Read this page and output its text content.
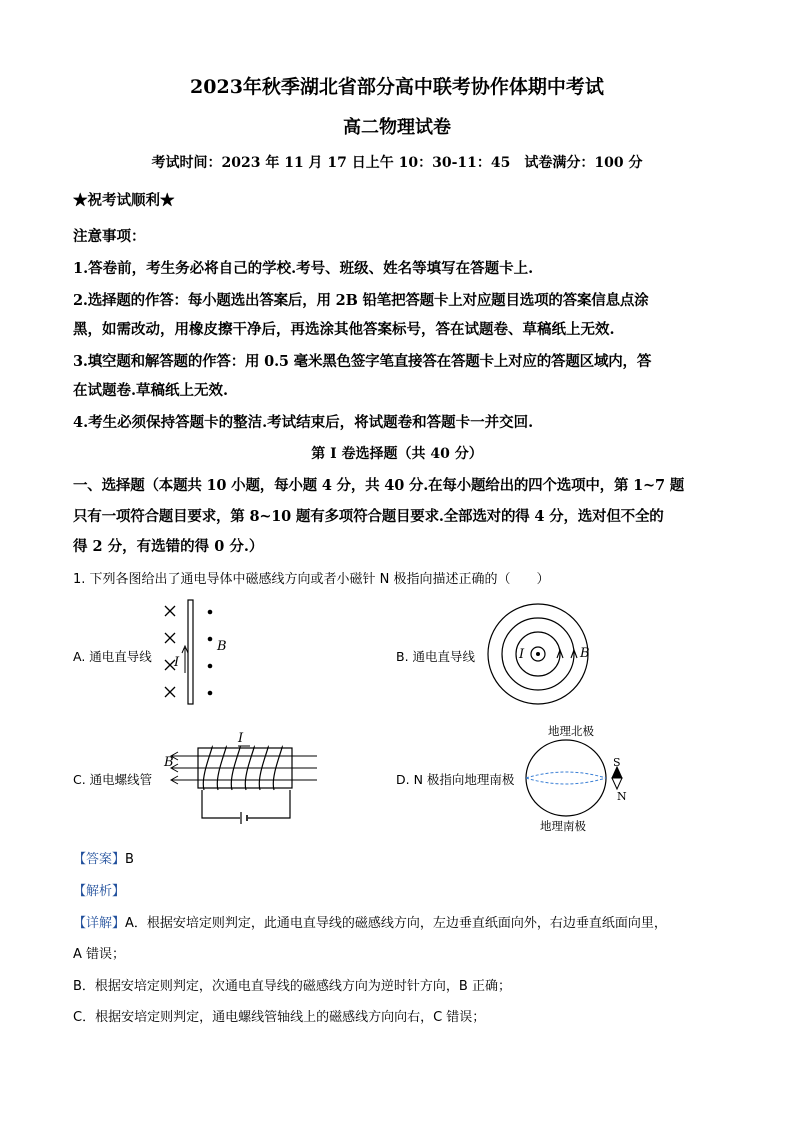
2023年秋季湖北省部分高中联考协作体期中考试
高二物理试卷
考试时间：2023 年 11 月 17 日上午 10：30-11：45　试卷满分：100 分
★祝考试顺利★
注意事项：
1.答卷前，考生务必将自己的学校.考号、班级、姓名等填写在答题卡上.
2.选择题的作答：每小题选出答案后，用 2B 铅笔把答题卡上对应题目选项的答案信息点涂
黑，如需改动，用橡皮擦干净后，再选涂其他答案标号，答在试题卷、草稿纸上无效.
3.填空题和解答题的作答：用 0.5 毫米黑色签字笔直接答在答题卡上对应的答题区域内，答
在试题卷.草稿纸上无效.
4.考生必须保持答题卡的整洁.考试结束后，将试题卷和答题卡一并交回.
第 I 卷选择题（共 40 分）
一、选择题（本题共 10 小题，每小题 4 分，共 40 分.在每小题给出的四个选项中，第 1~7 题
只有一项符合题目要求，第 8~10 题有多项符合题目要求.全部选对的得 4 分，选对但不全的
得 2 分，有选错的得 0 分.）
1. 下列各图给出了通电导体中磁感线方向或者小磁针 N 极指向描述正确的（　　）
A. 通电直导线	B. 通电直导线
C. 通电螺线管	D. N 极指向地理南极
I
B
I	B
I
B
地理北极
地理南极
S
N
【答案】B
【解析】
【详解】A．根据安培定则判定，此通电直导线的磁感线方向，左边垂直纸面向外，右边垂直纸面向里，
A 错误；
B．根据安培定则判定，次通电直导线的磁感线方向为逆时针方向，B 正确；
C．根据安培定则判定，通电螺线管轴线上的磁感线方向向右，C 错误；
